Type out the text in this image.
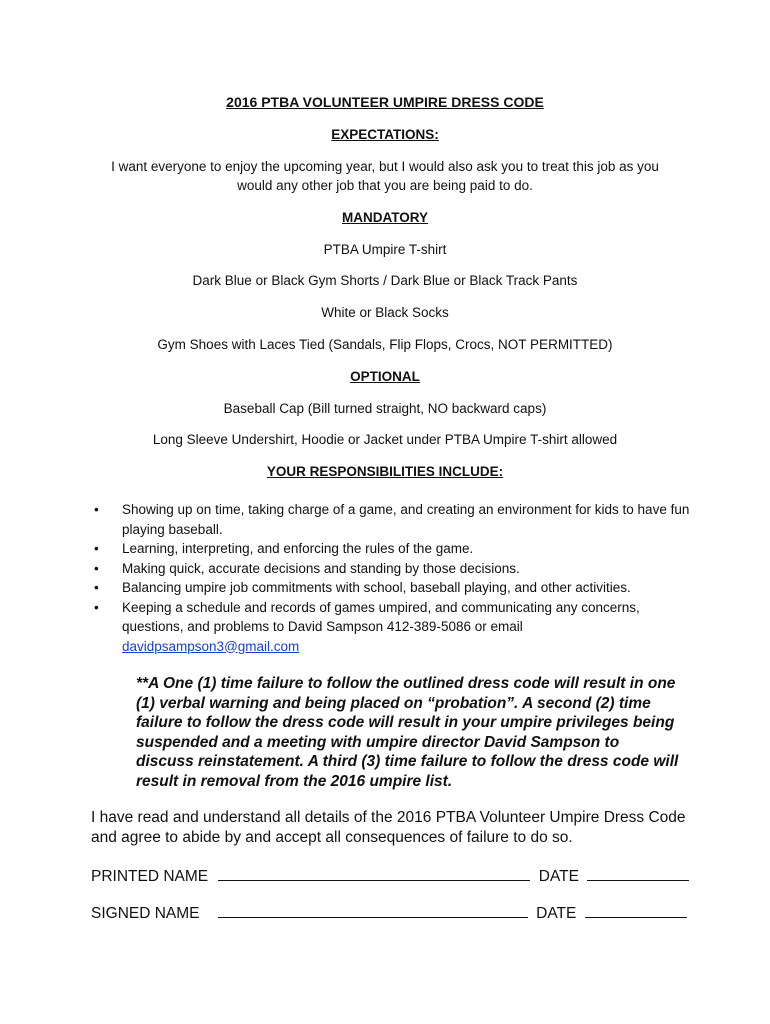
2016 PTBA VOLUNTEER UMPIRE DRESS CODE
EXPECTATIONS:
I want everyone to enjoy the upcoming year, but I would also ask you to treat this job as you would any other job that you are being paid to do.
MANDATORY
PTBA Umpire T-shirt
Dark Blue or Black Gym Shorts / Dark Blue or Black Track Pants
White or Black Socks
Gym Shoes with Laces Tied (Sandals, Flip Flops, Crocs, NOT PERMITTED)
OPTIONAL
Baseball Cap (Bill turned straight, NO backward caps)
Long Sleeve Undershirt, Hoodie or Jacket under PTBA Umpire T-shirt allowed
YOUR RESPONSIBILITIES INCLUDE:
• Showing up on time, taking charge of a game, and creating an environment for kids to have fun playing baseball.
• Learning, interpreting, and enforcing the rules of the game.
• Making quick, accurate decisions and standing by those decisions.
• Balancing umpire job commitments with school, baseball playing, and other activities.
• Keeping a schedule and records of games umpired, and communicating any concerns, questions, and problems to David Sampson 412-389-5086 or email
davidpsampson3@gmail.com
**A One (1) time failure to follow the outlined dress code will result in one (1) verbal warning and being placed on “probation”. A second (2) time failure to follow the dress code will result in your umpire privileges being suspended and a meeting with umpire director David Sampson to discuss reinstatement. A third (3) time failure to follow the dress code will result in removal from the 2016 umpire list.
I have read and understand all details of the 2016 PTBA Volunteer Umpire Dress Code and agree to abide by and accept all consequences of failure to do so.
PRINTED NAME	DATE
SIGNED NAME	DATE
